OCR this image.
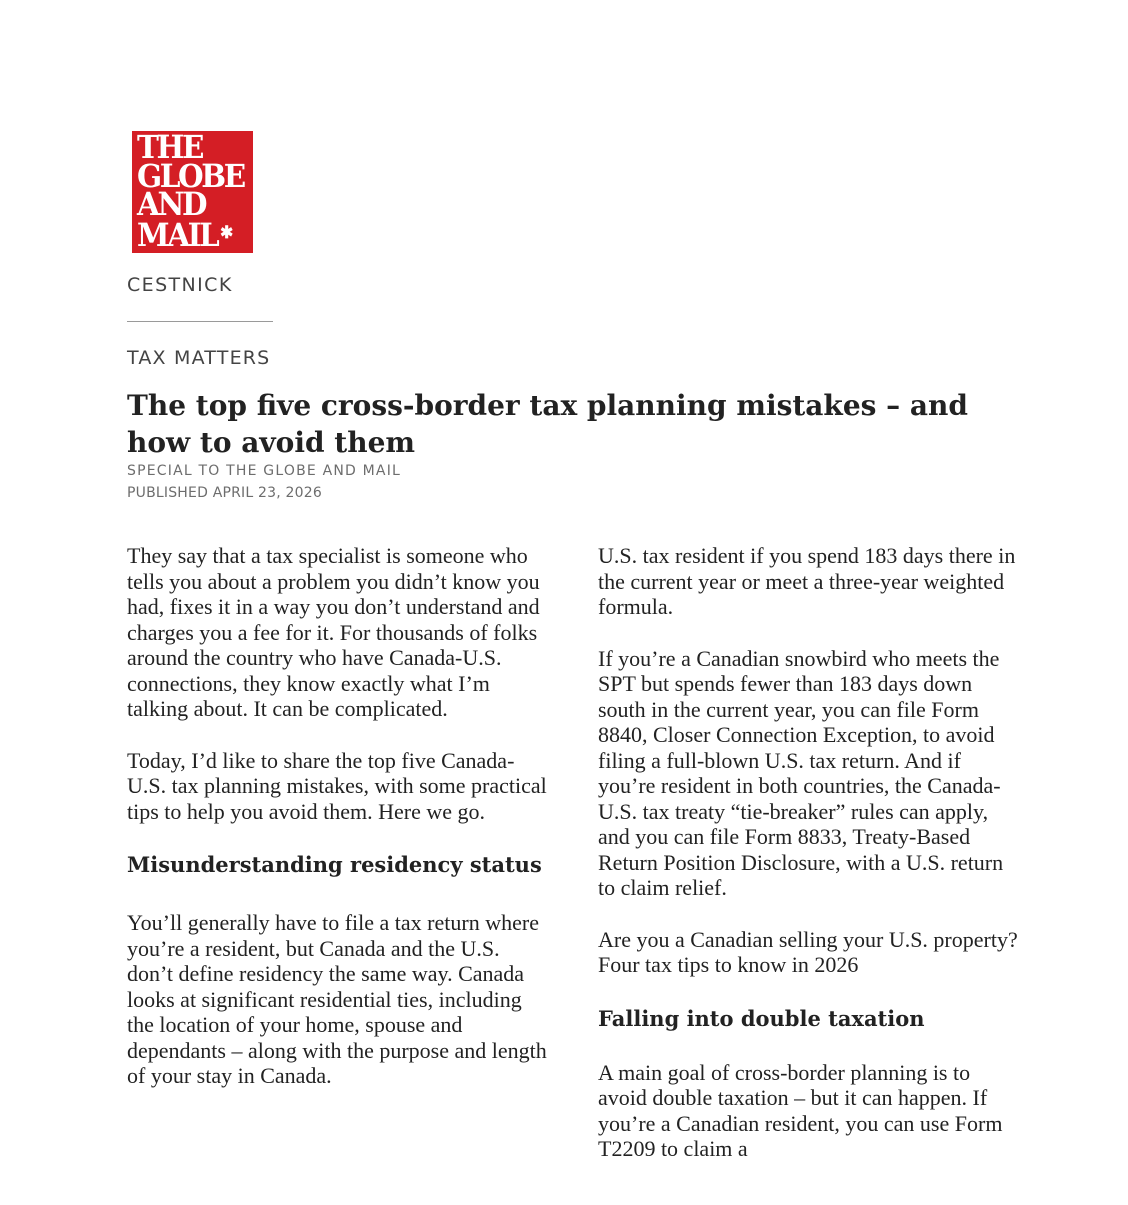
THE
GLOBE
AND
MAIL ✱
CESTNICK
TAX MATTERS
The top five cross-border tax planning mistakes – and how to avoid them
SPECIAL TO THE GLOBE AND MAIL
PUBLISHED APRIL 23, 2026

They say that a tax specialist is someone who tells you about a problem you didn’t know you had, fixes it in a way you don’t understand and charges you a fee for it. For thousands of folks around the country who have Canada-U.S. connections, they know exactly what I’m talking about. It can be complicated.

Today, I’d like to share the top five Canada-U.S. tax planning mistakes, with some practical tips to help you avoid them. Here we go.

Misunderstanding residency status

You’ll generally have to file a tax return where you’re a resident, but Canada and the U.S. don’t define residency the same way. Canada looks at significant residential ties, including the location of your home, spouse and dependants – along with the purpose and length of your stay in Canada.

U.S. tax resident if you spend 183 days there in the current year or meet a three-year weighted formula.

If you’re a Canadian snowbird who meets the SPT but spends fewer than 183 days down south in the current year, you can file Form 8840, Closer Connection Exception, to avoid filing a full-blown U.S. tax return. And if you’re resident in both countries, the Canada-U.S. tax treaty “tie-breaker” rules can apply, and you can file Form 8833, Treaty-Based Return Position Disclosure, with a U.S. return to claim relief.

Are you a Canadian selling your U.S. property? Four tax tips to know in 2026

Falling into double taxation

A main goal of cross-border planning is to avoid double taxation – but it can happen. If you’re a Canadian resident, you can use Form T2209 to claim a
